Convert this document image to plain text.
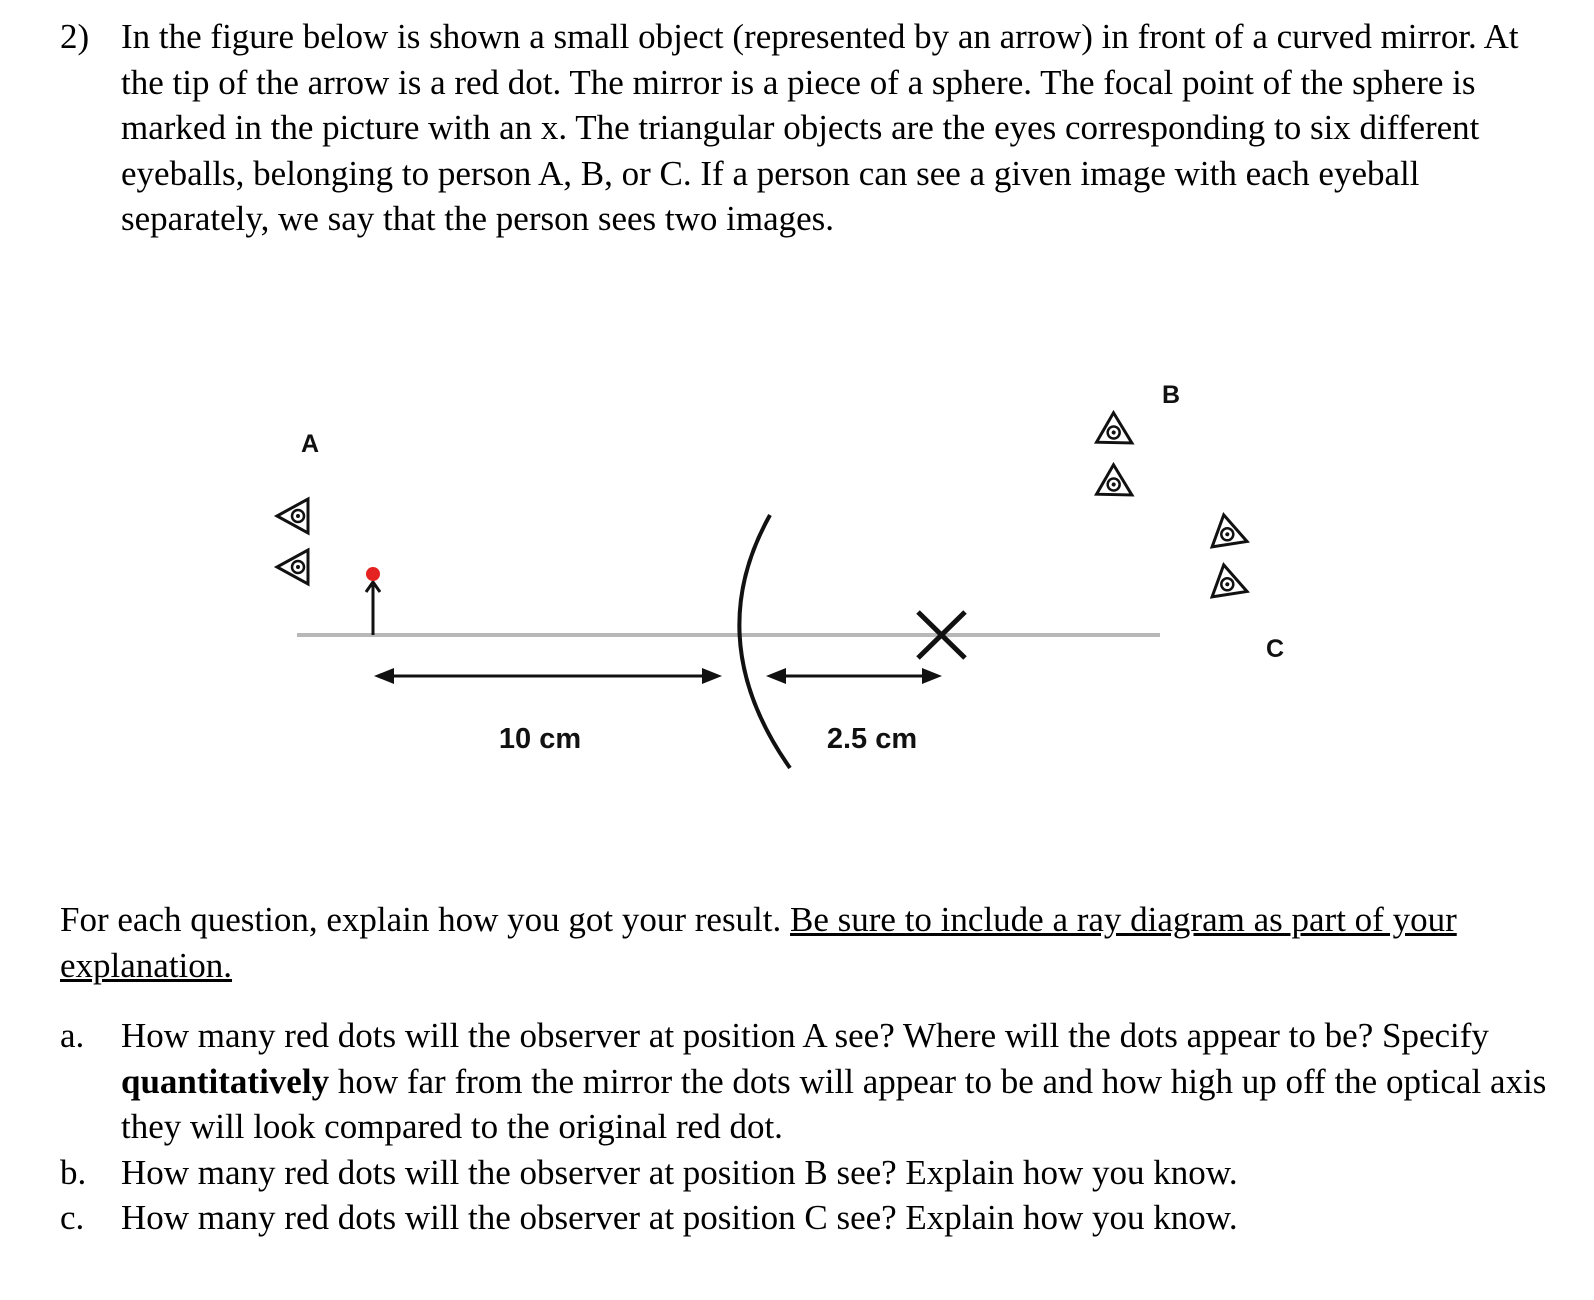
2) In the figure below is shown a small object (represented by an arrow) in front of a curved mirror. At the tip of the arrow is a red dot. The mirror is a piece of a sphere. The focal point of the sphere is marked in the picture with an x. The triangular objects are the eyes corresponding to six different eyeballs, belonging to person A, B, or C. If a person can see a given image with each eyeball separately, we say that the person sees two images.
10 cm	2.5 cm
A
B
C
For each question, explain how you got your result. Be sure to include a ray diagram as part of your explanation.
a. How many red dots will the observer at position A see? Where will the dots appear to be? Specify quantitatively how far from the mirror the dots will appear to be and how high up off the optical axis they will look compared to the original red dot.
b. How many red dots will the observer at position B see? Explain how you know.
c. How many red dots will the observer at position C see? Explain how you know.
